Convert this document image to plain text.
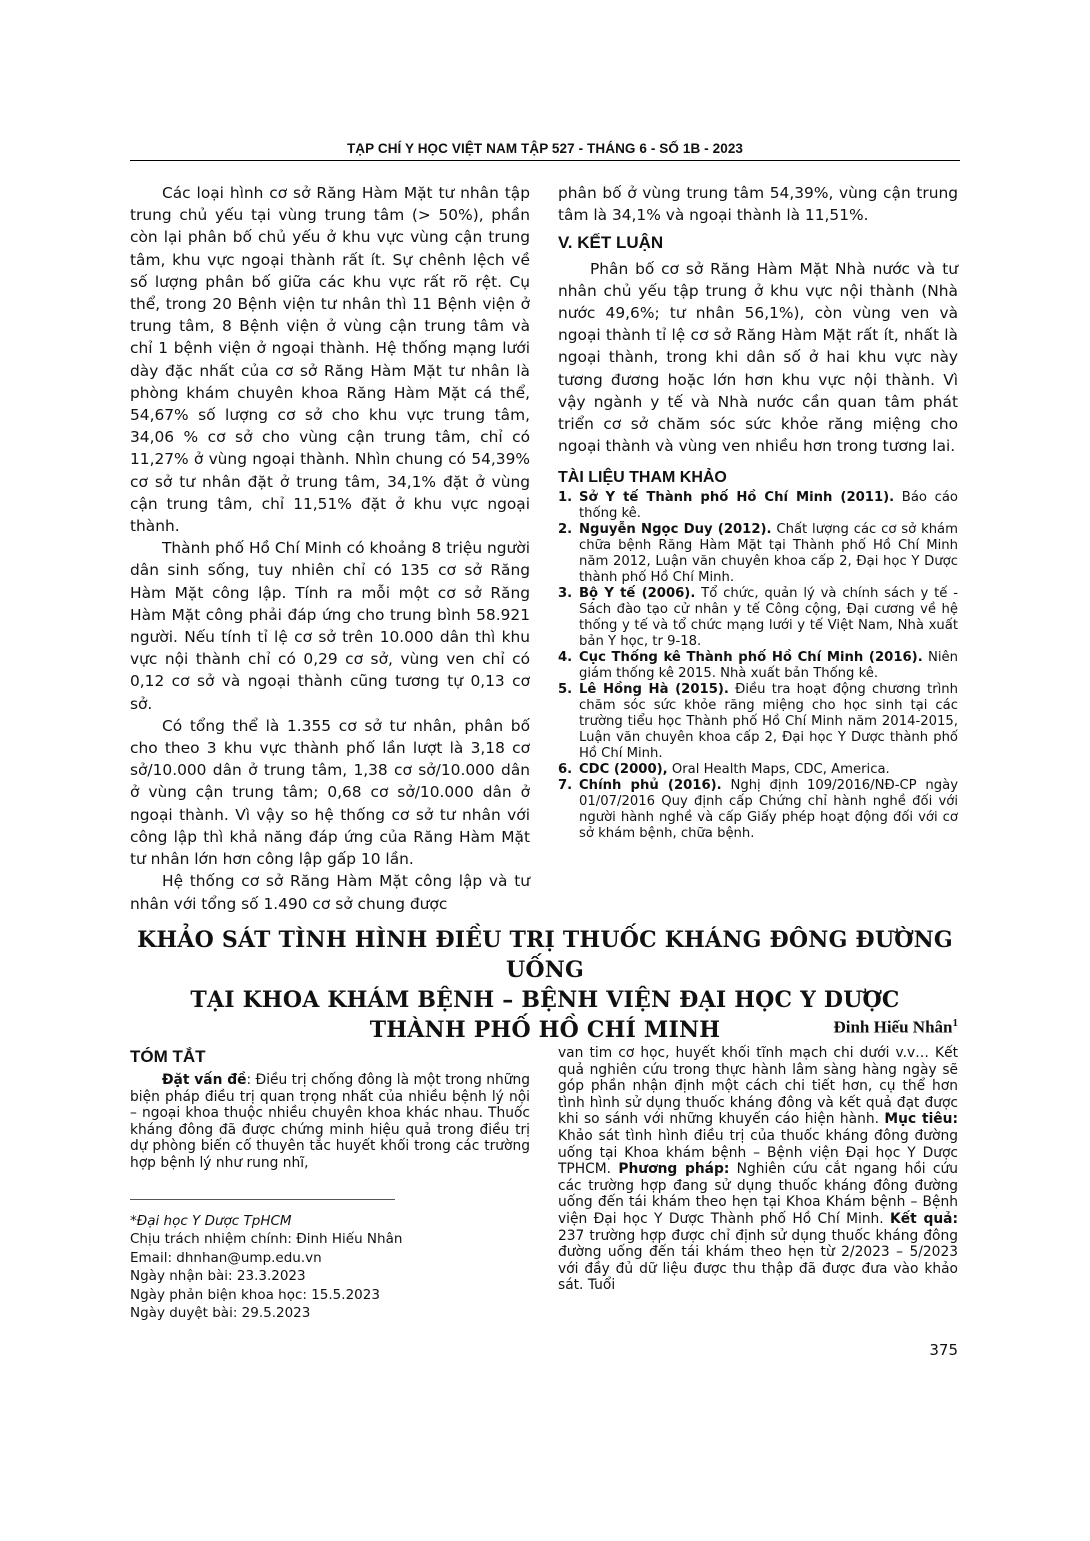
TẠP CHÍ Y HỌC VIỆT NAM TẬP 527 - THÁNG 6 - SỐ 1B - 2023

Các loại hình cơ sở Răng Hàm Mặt tư nhân tập trung chủ yếu tại vùng trung tâm (> 50%), phần còn lại phân bố chủ yếu ở khu vực vùng cận trung tâm, khu vực ngoại thành rất ít. Sự chênh lệch về số lượng phân bố giữa các khu vực rất rõ rệt. Cụ thể, trong 20 Bệnh viện tư nhân thì 11 Bệnh viện ở trung tâm, 8 Bệnh viện ở vùng cận trung tâm và chỉ 1 bệnh viện ở ngoại thành. Hệ thống mạng lưới dày đặc nhất của cơ sở Răng Hàm Mặt tư nhân là phòng khám chuyên khoa Răng Hàm Mặt cá thể, 54,67% số lượng cơ sở cho khu vực trung tâm, 34,06 % cơ sở cho vùng cận trung tâm, chỉ có 11,27% ở vùng ngoại thành. Nhìn chung có 54,39% cơ sở tư nhân đặt ở trung tâm, 34,1% đặt ở vùng cận trung tâm, chỉ 11,51% đặt ở khu vực ngoại thành.

Thành phố Hồ Chí Minh có khoảng 8 triệu người dân sinh sống, tuy nhiên chỉ có 135 cơ sở Răng Hàm Mặt công lập. Tính ra mỗi một cơ sở Răng Hàm Mặt công phải đáp ứng cho trung bình 58.921 người. Nếu tính tỉ lệ cơ sở trên 10.000 dân thì khu vực nội thành chỉ có 0,29 cơ sở, vùng ven chỉ có 0,12 cơ sở và ngoại thành cũng tương tự 0,13 cơ sở.

Có tổng thể là 1.355 cơ sở tư nhân, phân bố cho theo 3 khu vực thành phố lần lượt là 3,18 cơ sở/10.000 dân ở trung tâm, 1,38 cơ sở/10.000 dân ở vùng cận trung tâm; 0,68 cơ sở/10.000 dân ở ngoại thành. Vì vậy so hệ thống cơ sở tư nhân với công lập thì khả năng đáp ứng của Răng Hàm Mặt tư nhân lớn hơn công lập gấp 10 lần.

Hệ thống cơ sở Răng Hàm Mặt công lập và tư nhân với tổng số 1.490 cơ sở chung được

phân bố ở vùng trung tâm 54,39%, vùng cận trung tâm là 34,1% và ngoại thành là 11,51%.

V. KẾT LUẬN

Phân bố cơ sở Răng Hàm Mặt Nhà nước và tư nhân chủ yếu tập trung ở khu vực nội thành (Nhà nước 49,6%; tư nhân 56,1%), còn vùng ven và ngoại thành tỉ lệ cơ sở Răng Hàm Mặt rất ít, nhất là ngoại thành, trong khi dân số ở hai khu vực này tương đương hoặc lớn hơn khu vực nội thành. Vì vậy ngành y tế và Nhà nước cần quan tâm phát triển cơ sở chăm sóc sức khỏe răng miệng cho ngoại thành và vùng ven nhiều hơn trong tương lai.

TÀI LIỆU THAM KHẢO
1. Sở Y tế Thành phố Hồ Chí Minh (2011). Báo cáo thống kê.
2. Nguyễn Ngọc Duy (2012). Chất lượng các cơ sở khám chữa bệnh Răng Hàm Mặt tại Thành phố Hồ Chí Minh năm 2012, Luận văn chuyên khoa cấp 2, Đại học Y Dược thành phố Hồ Chí Minh.
3. Bộ Y tế (2006). Tổ chức, quản lý và chính sách y tế - Sách đào tạo cử nhân y tế Công cộng, Đại cương về hệ thống y tế và tổ chức mạng lưới y tế Việt Nam, Nhà xuất bản Y học, tr 9-18.
4. Cục Thống kê Thành phố Hồ Chí Minh (2016). Niên giám thống kê 2015. Nhà xuất bản Thống kê.
5. Lê Hồng Hà (2015). Điều tra hoạt động chương trình chăm sóc sức khỏe răng miệng cho học sinh tại các trường tiểu học Thành phố Hồ Chí Minh năm 2014-2015, Luận văn chuyên khoa cấp 2, Đại học Y Dược thành phố Hồ Chí Minh.
6. CDC (2000), Oral Health Maps, CDC, America.
7. Chính phủ (2016). Nghị định 109/2016/NĐ-CP ngày 01/07/2016 Quy định cấp Chứng chỉ hành nghề đối với người hành nghề và cấp Giấy phép hoạt động đối với cơ sở khám bệnh, chữa bệnh.
KHẢO SÁT TÌNH HÌNH ĐIỀU TRỊ THUỐC KHÁNG ĐÔNG ĐƯỜNG UỐNG
TẠI KHOA KHÁM BỆNH – BỆNH VIỆN ĐẠI HỌC Y DƯỢC
THÀNH PHỐ HỒ CHÍ MINH	Đinh Hiếu Nhân$^1$
TÓM TẮT

Đặt vấn đề: Điều trị chống đông là một trong những biện pháp điều trị quan trọng nhất của nhiều bệnh lý nội – ngoại khoa thuộc nhiều chuyên khoa khác nhau. Thuốc kháng đông đã được chứng minh hiệu quả trong điều trị dự phòng biến cố thuyên tắc huyết khối trong các trường hợp bệnh lý như rung nhĩ,

van tim cơ học, huyết khối tĩnh mạch chi dưới v.v… Kết quả nghiên cứu trong thực hành lâm sàng hàng ngày sẽ góp phần nhận định một cách chi tiết hơn, cụ thể hơn tình hình sử dụng thuốc kháng đông và kết quả đạt được khi so sánh với những khuyến cáo hiện hành. Mục tiêu: Khảo sát tình hình điều trị của thuốc kháng đông đường uống tại Khoa khám bệnh – Bệnh viện Đại học Y Dược TPHCM. Phương pháp: Nghiên cứu cắt ngang hồi cứu các trường hợp đang sử dụng thuốc kháng đông đường uống đến tái khám theo hẹn tại Khoa Khám bệnh – Bệnh viện Đại học Y Dược Thành phố Hồ Chí Minh. Kết quả: 237 trường hợp được chỉ định sử dụng thuốc kháng đông đường uống đến tái khám theo hẹn từ 2/2023 – 5/2023 với đầy đủ dữ liệu được thu thập đã được đưa vào khảo sát. Tuổi

*Đại học Y Dược TpHCM
Chịu trách nhiệm chính: Đinh Hiếu Nhân
Email: dhnhan@ump.edu.vn
Ngày nhận bài: 23.3.2023
Ngày phản biện khoa học: 15.5.2023
Ngày duyệt bài: 29.5.2023
375
